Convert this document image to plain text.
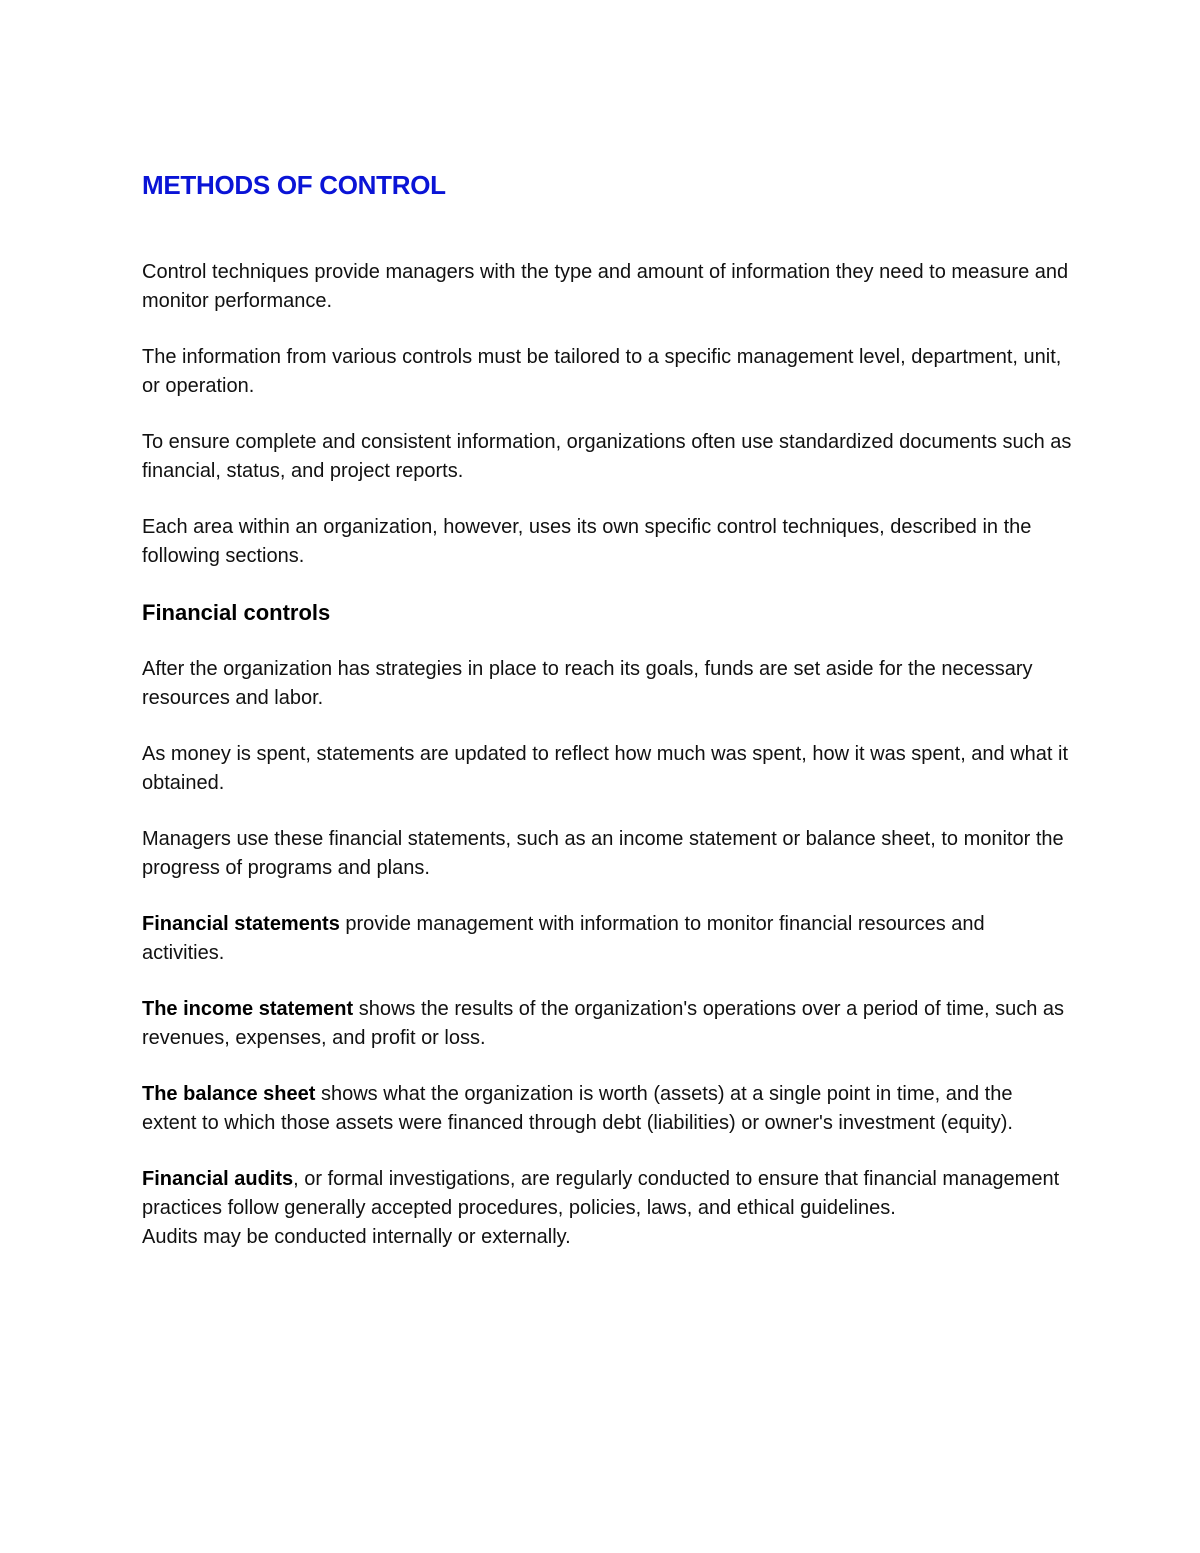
METHODS OF CONTROL

Control techniques provide managers with the type and amount of information they need to measure and monitor performance.

The information from various controls must be tailored to a specific management level, department, unit, or operation.

To ensure complete and consistent information, organizations often use standardized documents such as financial, status, and project reports.

Each area within an organization, however, uses its own specific control techniques, described in the following sections.

Financial controls

After the organization has strategies in place to reach its goals, funds are set aside for the necessary resources and labor.

As money is spent, statements are updated to reflect how much was spent, how it was spent, and what it obtained.

Managers use these financial statements, such as an income statement or balance sheet, to monitor the progress of programs and plans.

Financial statements provide management with information to monitor financial resources and activities.

The income statement shows the results of the organization's operations over a period of time, such as revenues, expenses, and profit or loss.

The balance sheet shows what the organization is worth (assets) at a single point in time, and the extent to which those assets were financed through debt (liabilities) or owner's investment (equity).

Financial audits, or formal investigations, are regularly conducted to ensure that financial management practices follow generally accepted procedures, policies, laws, and ethical guidelines.

Audits may be conducted internally or externally.
